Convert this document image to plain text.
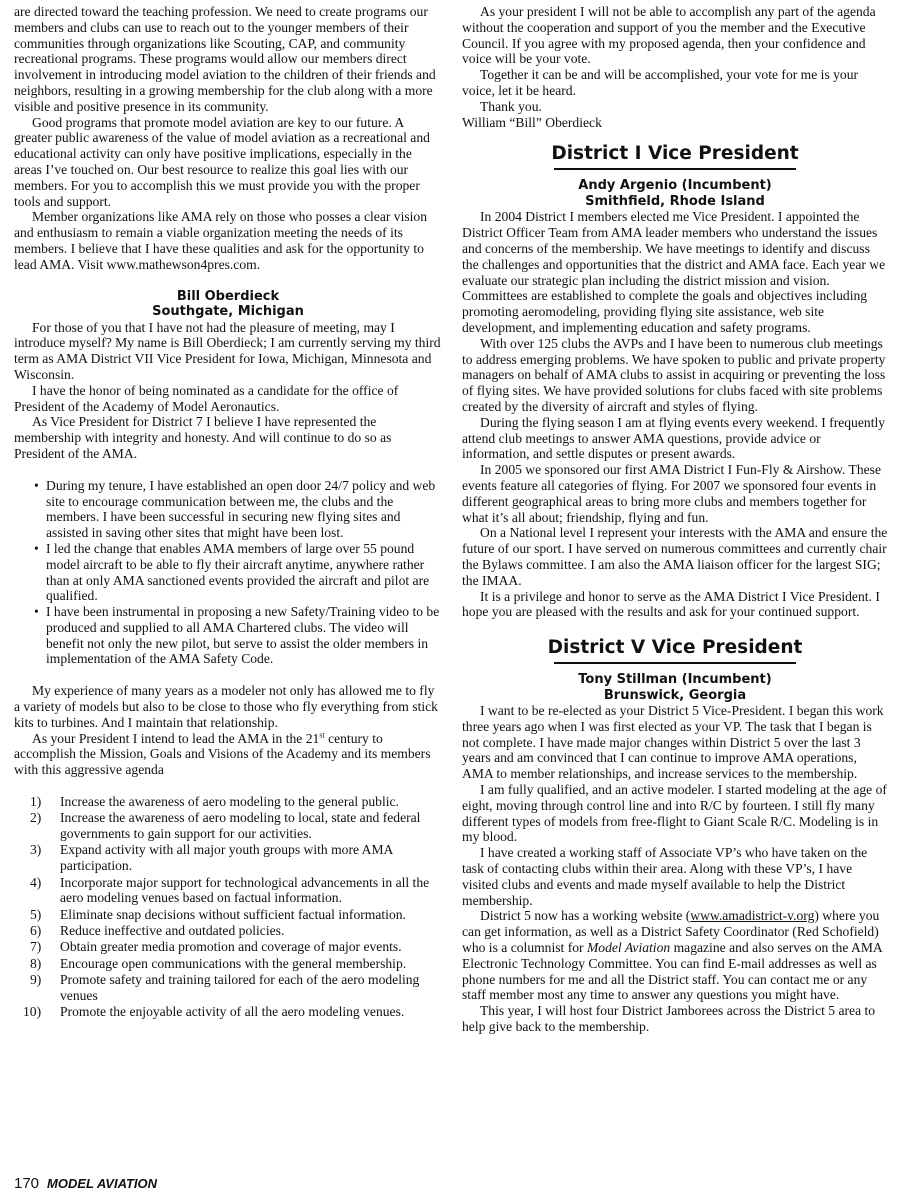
are directed toward the teaching profession. We need to create programs our members and clubs can use to reach out to the younger members of their communities through organizations like Scouting, CAP, and community recreational programs. These programs would allow our members direct involvement in introducing model aviation to the children of their friends and neighbors, resulting in a growing membership for the club along with a more visible and positive presence in its community.

Good programs that promote model aviation are key to our future. A greater public awareness of the value of model aviation as a recreational and educational activity can only have positive implications, especially in the areas I’ve touched on. Our best resource to realize this goal lies with our members. For you to accomplish this we must provide you with the proper tools and support.

Member organizations like AMA rely on those who posses a clear vision and enthusiasm to remain a viable organization meeting the needs of its members. I believe that I have these qualities and ask for the opportunity to lead AMA. Visit www.mathewson4pres.com.

Bill Oberdieck
Southgate, Michigan

For those of you that I have not had the pleasure of meeting, may I introduce myself? My name is Bill Oberdieck; I am currently serving my third term as AMA District VII Vice President for Iowa, Michigan, Minnesota and Wisconsin.

I have the honor of being nominated as a candidate for the office of President of the Academy of Model Aeronautics.

As Vice President for District 7 I believe I have represented the membership with integrity and honesty. And will continue to do so as President of the AMA.

• During my tenure, I have established an open door 24/7 policy and web site to encourage communication between me, the clubs and the members. I have been successful in securing new flying sites and assisted in saving other sites that might have been lost.
• I led the change that enables AMA members of large over 55 pound model aircraft to be able to fly their aircraft anytime, anywhere rather than at only AMA sanctioned events provided the aircraft and pilot are qualified.
• I have been instrumental in proposing a new Safety/Training video to be produced and supplied to all AMA Chartered clubs. The video will benefit not only the new pilot, but serve to assist the older members in implementation of the AMA Safety Code.

My experience of many years as a modeler not only has allowed me to fly a variety of models but also to be close to those who fly everything from stick kits to turbines. And I maintain that relationship.

As your President I intend to lead the AMA in the 21st century to accomplish the Mission, Goals and Visions of the Academy and its members with this aggressive agenda

1) Increase the awareness of aero modeling to the general public.
2) Increase the awareness of aero modeling to local, state and federal governments to gain support for our activities.
3) Expand activity with all major youth groups with more AMA participation.
4) Incorporate major support for technological advancements in all the aero modeling venues based on factual information.
5) Eliminate snap decisions without sufficient factual information.
6) Reduce ineffective and outdated policies.
7) Obtain greater media promotion and coverage of major events.
8) Encourage open communications with the general membership.
9) Promote safety and training tailored for each of the aero modeling venues
10) Promote the enjoyable activity of all the aero modeling venues.

As your president I will not be able to accomplish any part of the agenda without the cooperation and support of you the member and the Executive Council. If you agree with my proposed agenda, then your confidence and voice will be your vote.

Together it can be and will be accomplished, your vote for me is your voice, let it be heard.

Thank you.

William “Bill” Oberdieck

District I Vice President
Andy Argenio (Incumbent)
Smithfield, Rhode Island

In 2004 District I members elected me Vice President. I appointed the District Officer Team from AMA leader members who understand the issues and concerns of the membership. We have meetings to identify and discuss the challenges and opportunities that the district and AMA face. Each year we evaluate our strategic plan including the district mission and vision. Committees are established to complete the goals and objectives including promoting aeromodeling, providing flying site assistance, web site development, and implementing education and safety programs.

With over 125 clubs the AVPs and I have been to numerous club meetings to address emerging problems. We have spoken to public and private property managers on behalf of AMA clubs to assist in acquiring or preventing the loss of flying sites. We have provided solutions for clubs faced with site problems created by the diversity of aircraft and styles of flying.

During the flying season I am at flying events every weekend. I frequently attend club meetings to answer AMA questions, provide advice or information, and settle disputes or present awards.

In 2005 we sponsored our first AMA District I Fun-Fly & Airshow. These events feature all categories of flying. For 2007 we sponsored four events in different geographical areas to bring more clubs and members together for what it’s all about; friendship, flying and fun.

On a National level I represent your interests with the AMA and ensure the future of our sport. I have served on numerous committees and currently chair the Bylaws committee. I am also the AMA liaison officer for the largest SIG; the IMAA.

It is a privilege and honor to serve as the AMA District I Vice President. I hope you are pleased with the results and ask for your continued support.

District V Vice President
Tony Stillman (Incumbent)
Brunswick, Georgia

I want to be re-elected as your District 5 Vice-President. I began this work three years ago when I was first elected as your VP. The task that I began is not complete. I have made major changes within District 5 over the last 3 years and am convinced that I can continue to improve AMA operations, AMA to member relationships, and increase services to the membership.

I am fully qualified, and an active modeler. I started modeling at the age of eight, moving through control line and into R/C by fourteen. I still fly many different types of models from free-flight to Giant Scale R/C. Modeling is in my blood.

I have created a working staff of Associate VP’s who have taken on the task of contacting clubs within their area. Along with these VP’s, I have visited clubs and events and made myself available to help the District membership.

District 5 now has a working website (www.amadistrict-v.org) where you can get information, as well as a District Safety Coordinator (Red Schofield) who is a columnist for Model Aviation magazine and also serves on the AMA Electronic Technology Committee. You can find E-mail addresses as well as phone numbers for me and all the District staff. You can contact me or any staff member most any time to answer any questions you might have.

This year, I will host four District Jamborees across the District 5 area to help give back to the membership.

170 MODEL AVIATION
